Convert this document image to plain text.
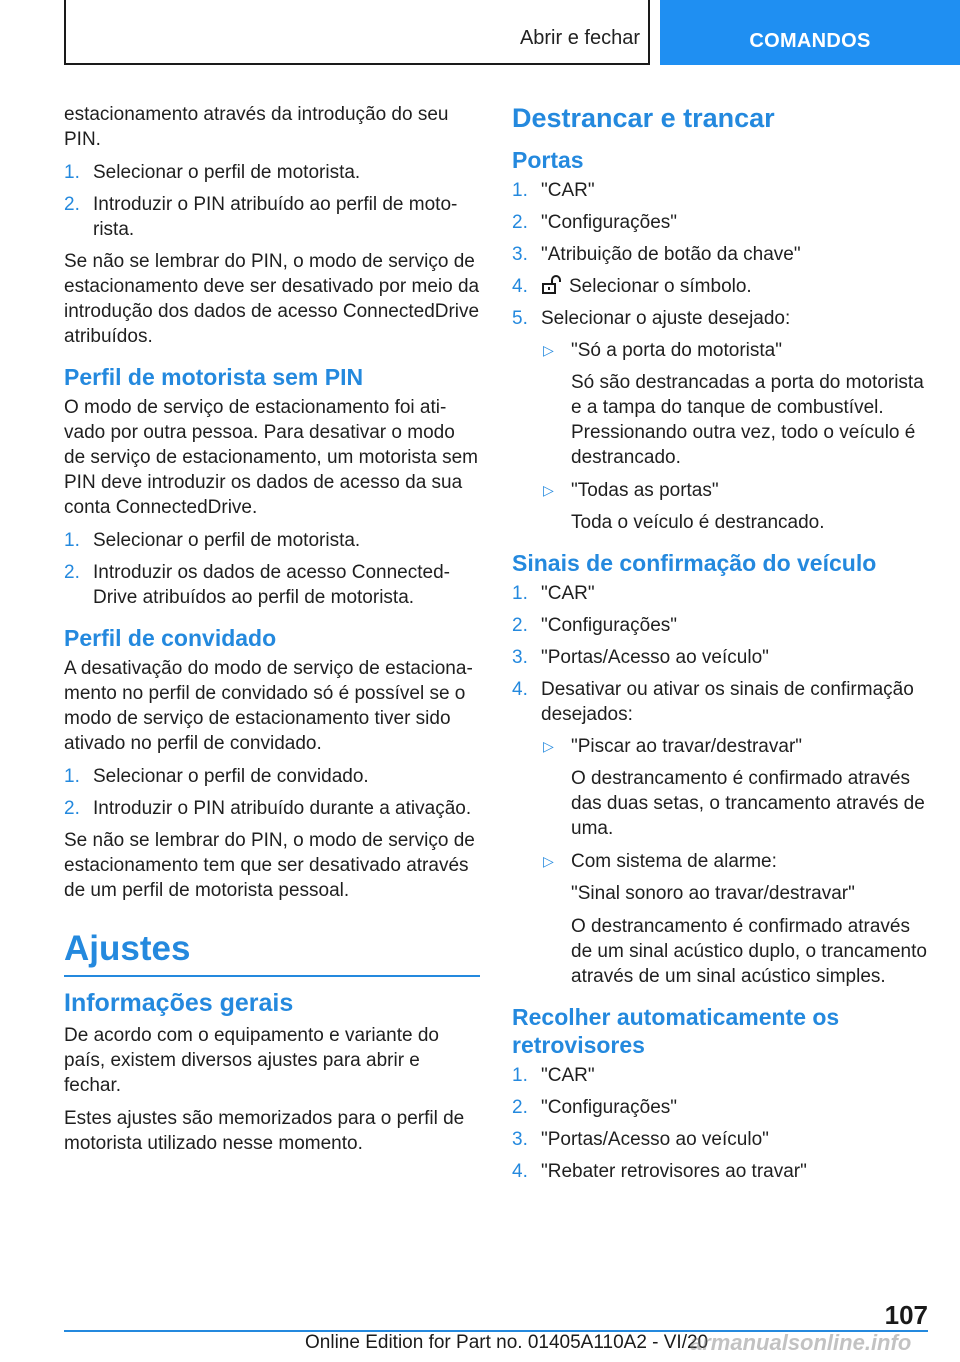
Abrir e fechar	COMANDOS

estacionamento através da introdução do seu PIN.

1. Selecionar o perfil de motorista.
2. Introduzir o PIN atribuído ao perfil de motorista.

Se não se lembrar do PIN, o modo de serviço de estacionamento deve ser desativado por meio da introdução dos dados de acesso ConnectedDrive atribuídos.

Perfil de motorista sem PIN

O modo de serviço de estacionamento foi ativado por outra pessoa. Para desativar o modo de serviço de estacionamento, um motorista sem PIN deve introduzir os dados de acesso da sua conta ConnectedDrive.

1. Selecionar o perfil de motorista.
2. Introduzir os dados de acesso ConnectedDrive atribuídos ao perfil de motorista.
Perfil de convidado

A desativação do modo de serviço de estacionamento no perfil de convidado só é possível se o modo de serviço de estacionamento tiver sido ativado no perfil de convidado.

1. Selecionar o perfil de convidado.
2. Introduzir o PIN atribuído durante a ativação.

Se não se lembrar do PIN, o modo de serviço de estacionamento tem que ser desativado através de um perfil de motorista pessoal.

Ajustes
Informações gerais

De acordo com o equipamento e variante do país, existem diversos ajustes para abrir e fechar.

Estes ajustes são memorizados para o perfil de motorista utilizado nesse momento.

Destrancar e trancar
Portas
1. "CAR"
2. "Configurações"
3. "Atribuição de botão da chave"
4. Selecionar o símbolo.
5. Selecionar o ajuste desejado:
▷ "Só a porta do motorista"
Só são destrancadas a porta do motorista e a tampa do tanque de combustível. Pressionando outra vez, todo o veículo é destrancado.
▷ "Todas as portas"
Toda o veículo é destrancado.
Sinais de confirmação do veículo
1. "CAR"
2. "Configurações"
3. "Portas/Acesso ao veículo"
4. Desativar ou ativar os sinais de confirmação desejados:
▷ "Piscar ao travar/destravar"
O destrancamento é confirmado através das duas setas, o trancamento através de uma.
▷ Com sistema de alarme:
"Sinal sonoro ao travar/destravar"
O destrancamento é confirmado através de um sinal acústico duplo, o trancamento através de um sinal acústico simples.
Recolher automaticamente os retrovisores
1. "CAR"
2. "Configurações"
3. "Portas/Acesso ao veículo"
4. "Rebater retrovisores ao travar"
107
Online Edition for Part no. 01405A110A2 - VI/20
armanualsonline.info
